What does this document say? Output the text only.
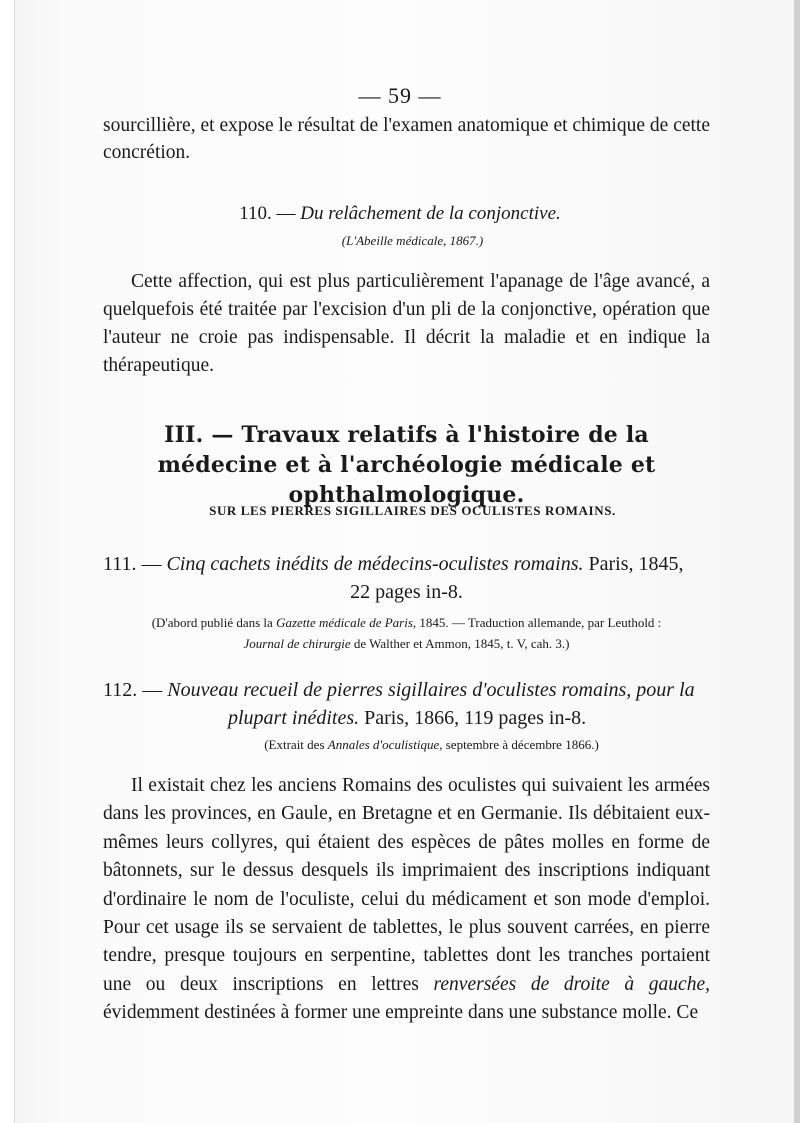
— 59 —
sourcillière, et expose le résultat de l'examen anatomique et chimique de cette concrétion.
110. — Du relâchement de la conjonctive.
(L'Abeille médicale, 1867.)
Cette affection, qui est plus particulièrement l'apanage de l'âge avancé, a quelquefois été traitée par l'excision d'un pli de la conjonctive, opération que l'auteur ne croie pas indispensable. Il décrit la maladie et en indique la thérapeutique.
III. — Travaux relatifs à l'histoire de la médecine et à l'archéologie médicale et ophthalmologique.
SUR LES PIERRES SIGILLAIRES DES OCULISTES ROMAINS.
111. — Cinq cachets inédits de médecins-oculistes romains. Paris, 1845,
22 pages in-8.
(D'abord publié dans la Gazette médicale de Paris, 1845. — Traduction allemande, par Leuthold :
Journal de chirurgie de Walther et Ammon, 1845, t. V, cah. 3.)
112. — Nouveau recueil de pierres sigillaires d'oculistes romains, pour la
plupart inédites. Paris, 1866, 119 pages in-8.
(Extrait des Annales d'oculistique, septembre à décembre 1866.)
Il existait chez les anciens Romains des oculistes qui suivaient les armées dans les provinces, en Gaule, en Bretagne et en Germanie. Ils débitaient eux-mêmes leurs collyres, qui étaient des espèces de pâtes molles en forme de bâtonnets, sur le dessus desquels ils imprimaient des inscriptions indiquant d'ordinaire le nom de l'oculiste, celui du médicament et son mode d'emploi. Pour cet usage ils se servaient de tablettes, le plus souvent carrées, en pierre tendre, presque toujours en serpentine, tablettes dont les tranches portaient une ou deux inscriptions en lettres renversées de droite à gauche, évidemment destinées à former une empreinte dans une substance molle. Ce
